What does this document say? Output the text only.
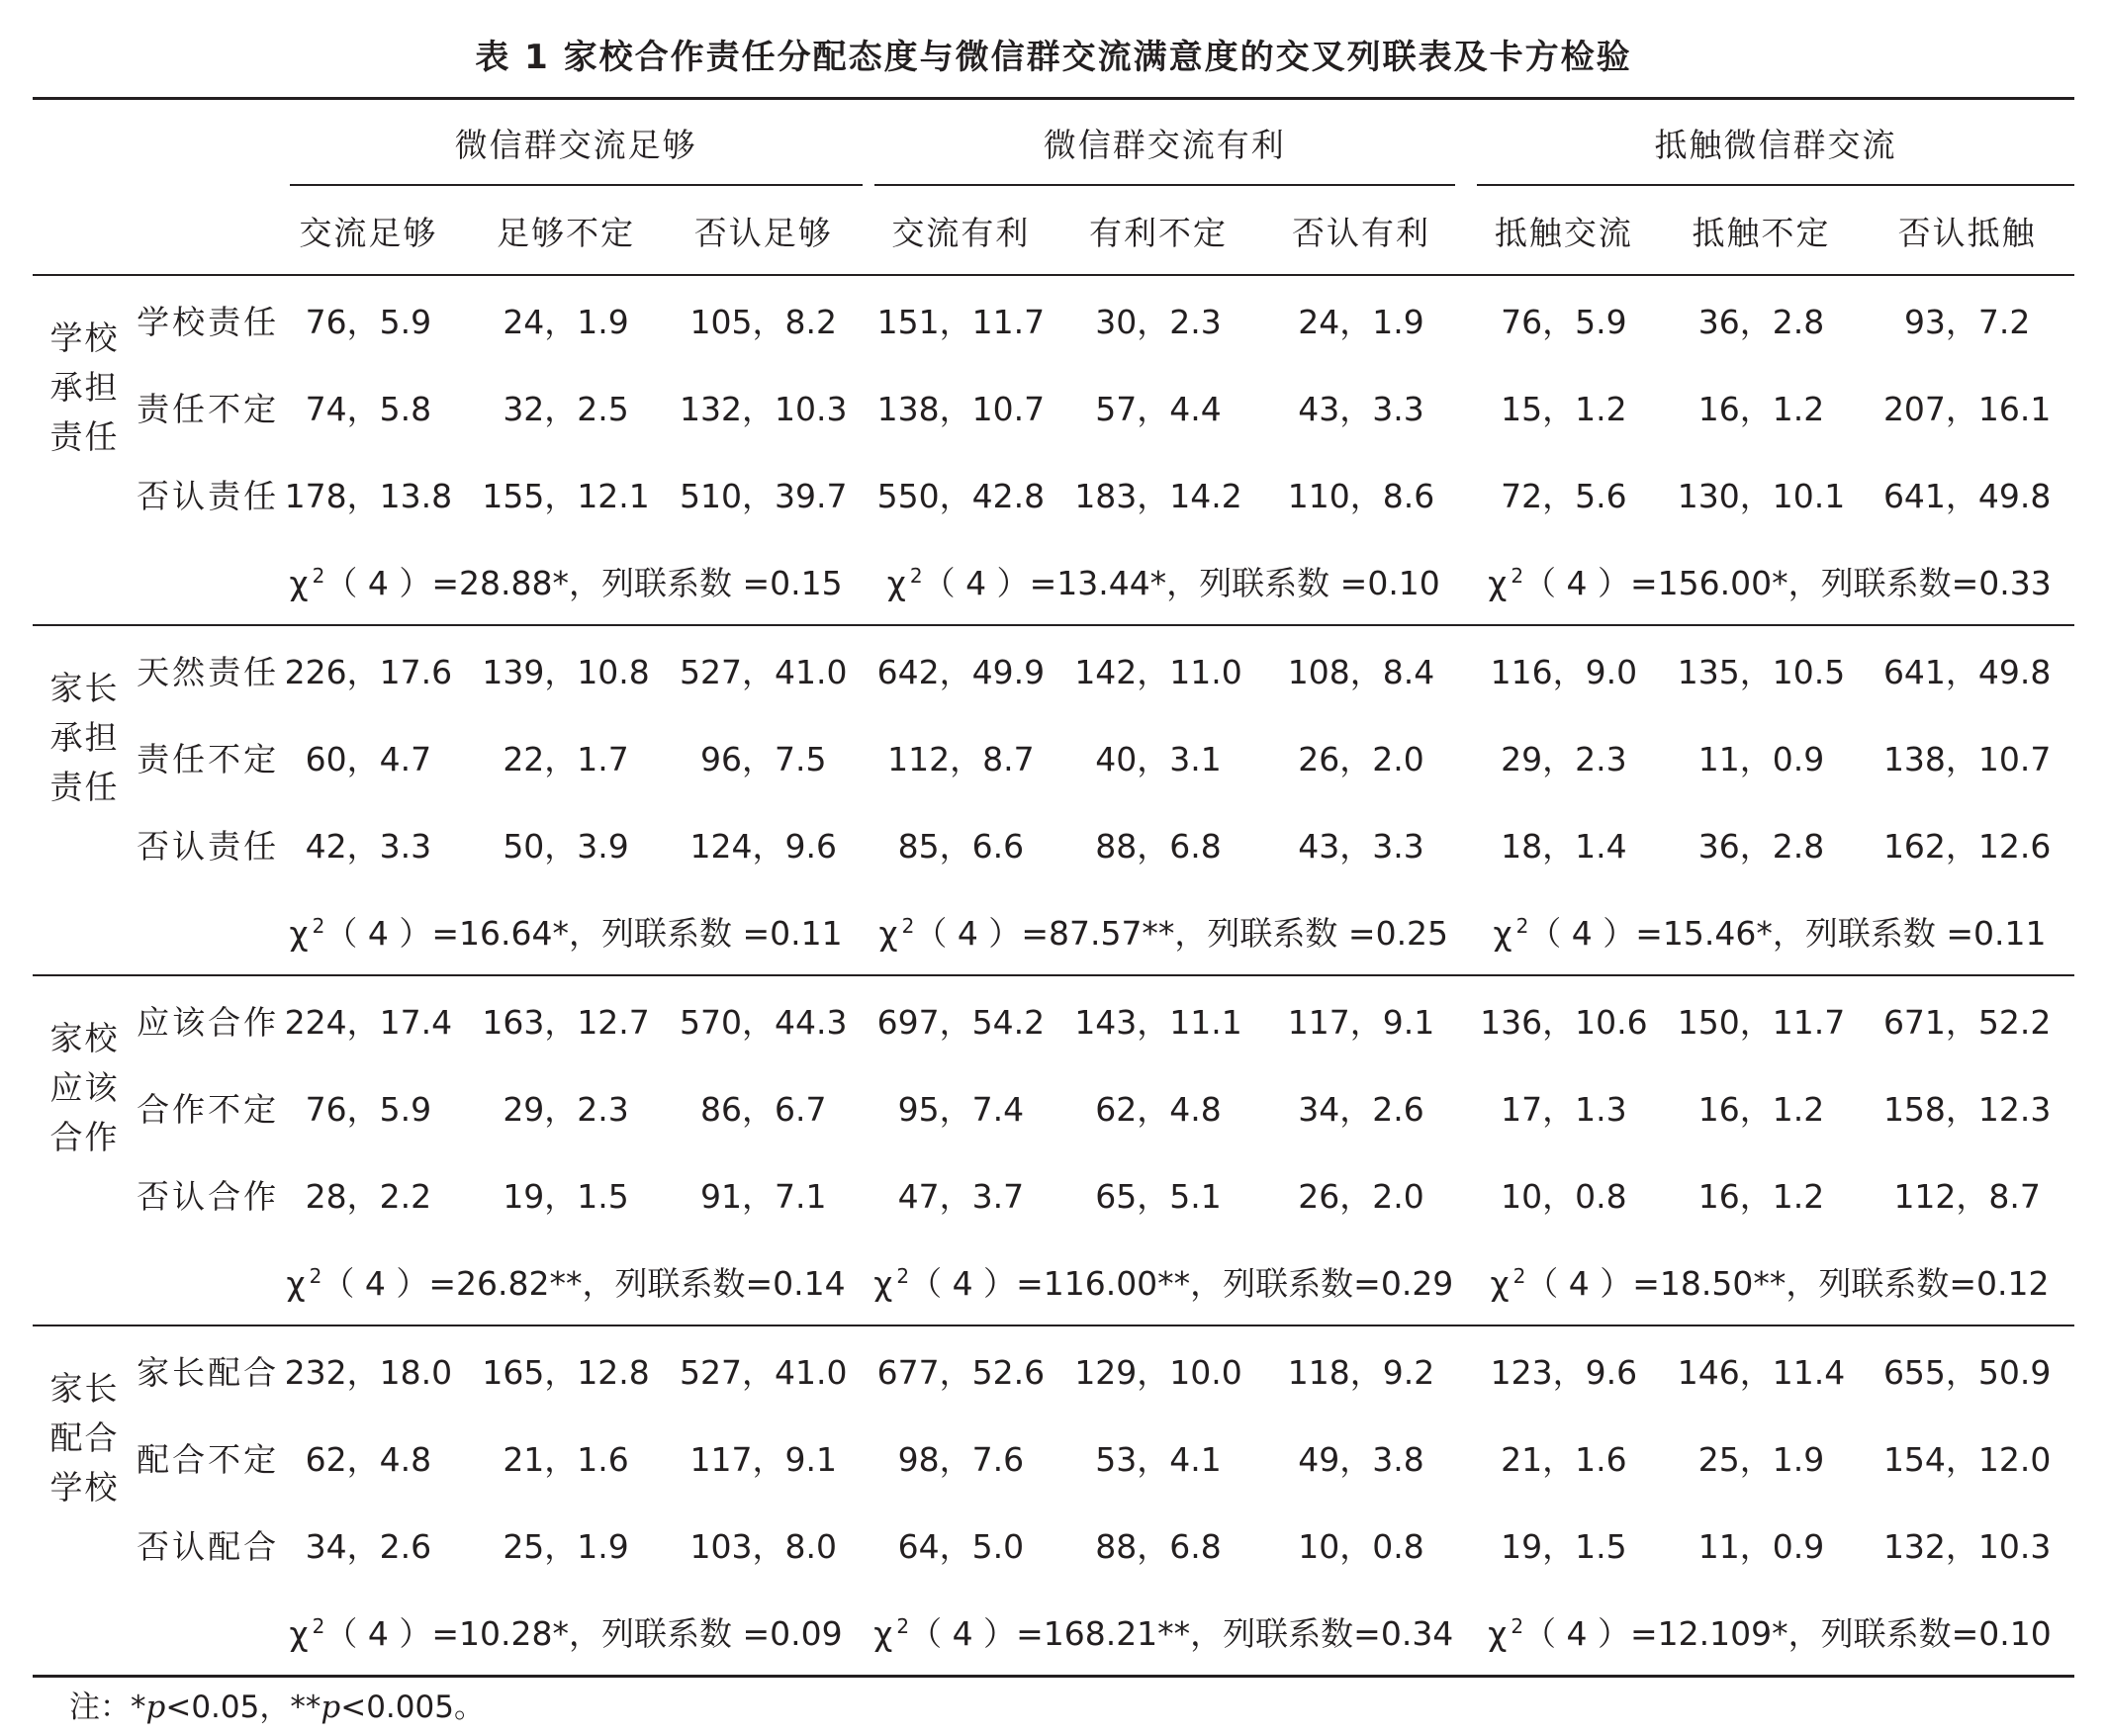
表 1 家校合作责任分配态度与微信群交流满意度的交叉列联表及卡方检验

		微信群交流足够			微信群交流有利			抵触微信群交流		

		交流足够	足够不定	否认足够	交流有利	有利不定	否认有利	抵触交流	抵触不定	否认抵触

学校
承担
责任	学校责任	76，5.9	24，1.9	105，8.2	151，11.7	30，2.3	24，1.9	76，5.9	36，2.8	93，7.2
	责任不定	74，5.8	32，2.5	132，10.3	138，10.7	57，4.4	43，3.3	15，1.2	16，1.2	207，16.1
	否认责任	178，13.8	155，12.1	510，39.7	550，42.8	183，14.2	110，8.6	72，5.6	130，10.1	641，49.8
		χ $^2$（ 4 ）=28.88*，列联系数 =0.15			χ $^2$（ 4 ）=13.44*，列联系数 =0.10			χ $^2$（ 4 ）=156.00*，列联系数=0.33		

家长
承担
责任	天然责任	226，17.6	139，10.8	527，41.0	642，49.9	142，11.0	108，8.4	116，9.0	135，10.5	641，49.8
	责任不定	60，4.7	22，1.7	96，7.5	112，8.7	40，3.1	26，2.0	29，2.3	11，0.9	138，10.7
	否认责任	42，3.3	50，3.9	124，9.6	85，6.6	88，6.8	43，3.3	18，1.4	36，2.8	162，12.6
		χ $^2$（ 4 ）=16.64*，列联系数 =0.11			χ $^2$（ 4 ）=87.57**，列联系数 =0.25			χ $^2$（ 4 ）=15.46*，列联系数 =0.11		

家校
应该
合作	应该合作	224，17.4	163，12.7	570，44.3	697，54.2	143，11.1	117，9.1	136，10.6	150，11.7	671，52.2
	合作不定	76，5.9	29，2.3	86，6.7	95，7.4	62，4.8	34，2.6	17，1.3	16，1.2	158，12.3
	否认合作	28，2.2	19，1.5	91，7.1	47，3.7	65，5.1	26，2.0	10，0.8	16，1.2	112，8.7
		χ $^2$（ 4 ）=26.82**，列联系数=0.14			χ $^2$（ 4 ）=116.00**，列联系数=0.29			χ $^2$（ 4 ）=18.50**，列联系数=0.12		

家长
配合
学校	家长配合	232，18.0	165，12.8	527，41.0	677，52.6	129，10.0	118，9.2	123，9.6	146，11.4	655，50.9
	配合不定	62，4.8	21，1.6	117，9.1	98，7.6	53，4.1	49，3.8	21，1.6	25，1.9	154，12.0
	否认配合	34，2.6	25，1.9	103，8.0	64，5.0	88，6.8	10，0.8	19，1.5	11，0.9	132，10.3
		χ $^2$（ 4 ）=10.28*，列联系数 =0.09			χ $^2$（ 4 ）=168.21**，列联系数=0.34			χ $^2$（ 4 ）=12.109*，列联系数=0.10		
注：*p<0.05，**p<0.005。
